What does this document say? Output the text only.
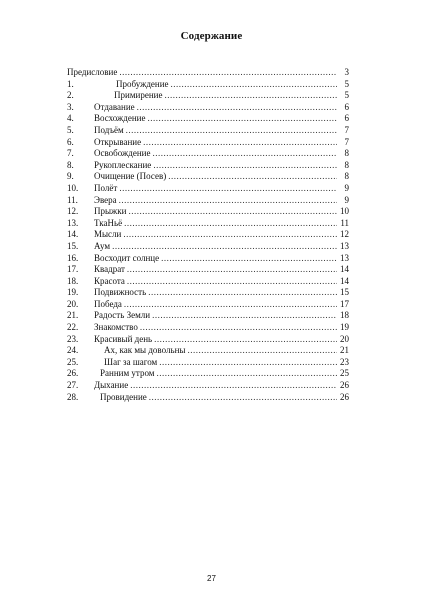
Содержание
Предисловие .....	3
1.	Пробуждение .....	5
2.	Примирение .....	5
3.	Отдавание .....	6
4.	Восхождение .....	6
5.	Подъём .....	7
6.	Открывание .....	7
7.	Освобождение .....	8
8.	Рукоплескание .....	8
9.	Очищение (Посев) .....	8
10.	Полёт .....	9
11.	Эвера .....	9
12.	Прыжки .....	10
13.	ТкаНьё .....	11
14.	Мысли .....	12
15.	Аум .....	13
16.	Восходит солнце .....	13
17.	Квадрат .....	14
18.	Красота .....	14
19.	Подвижность .....	15
20.	Победа .....	17
21.	Радость Земли .....	18
22.	Знакомство .....	19
23.	Красивый день .....	20
24.	Ах, как мы довольны .....	21
25.	Шаг за шагом .....	23
26.	Ранним утром .....	25
27.	Дыхание .....	26
28.	Провидение .....	26
27
